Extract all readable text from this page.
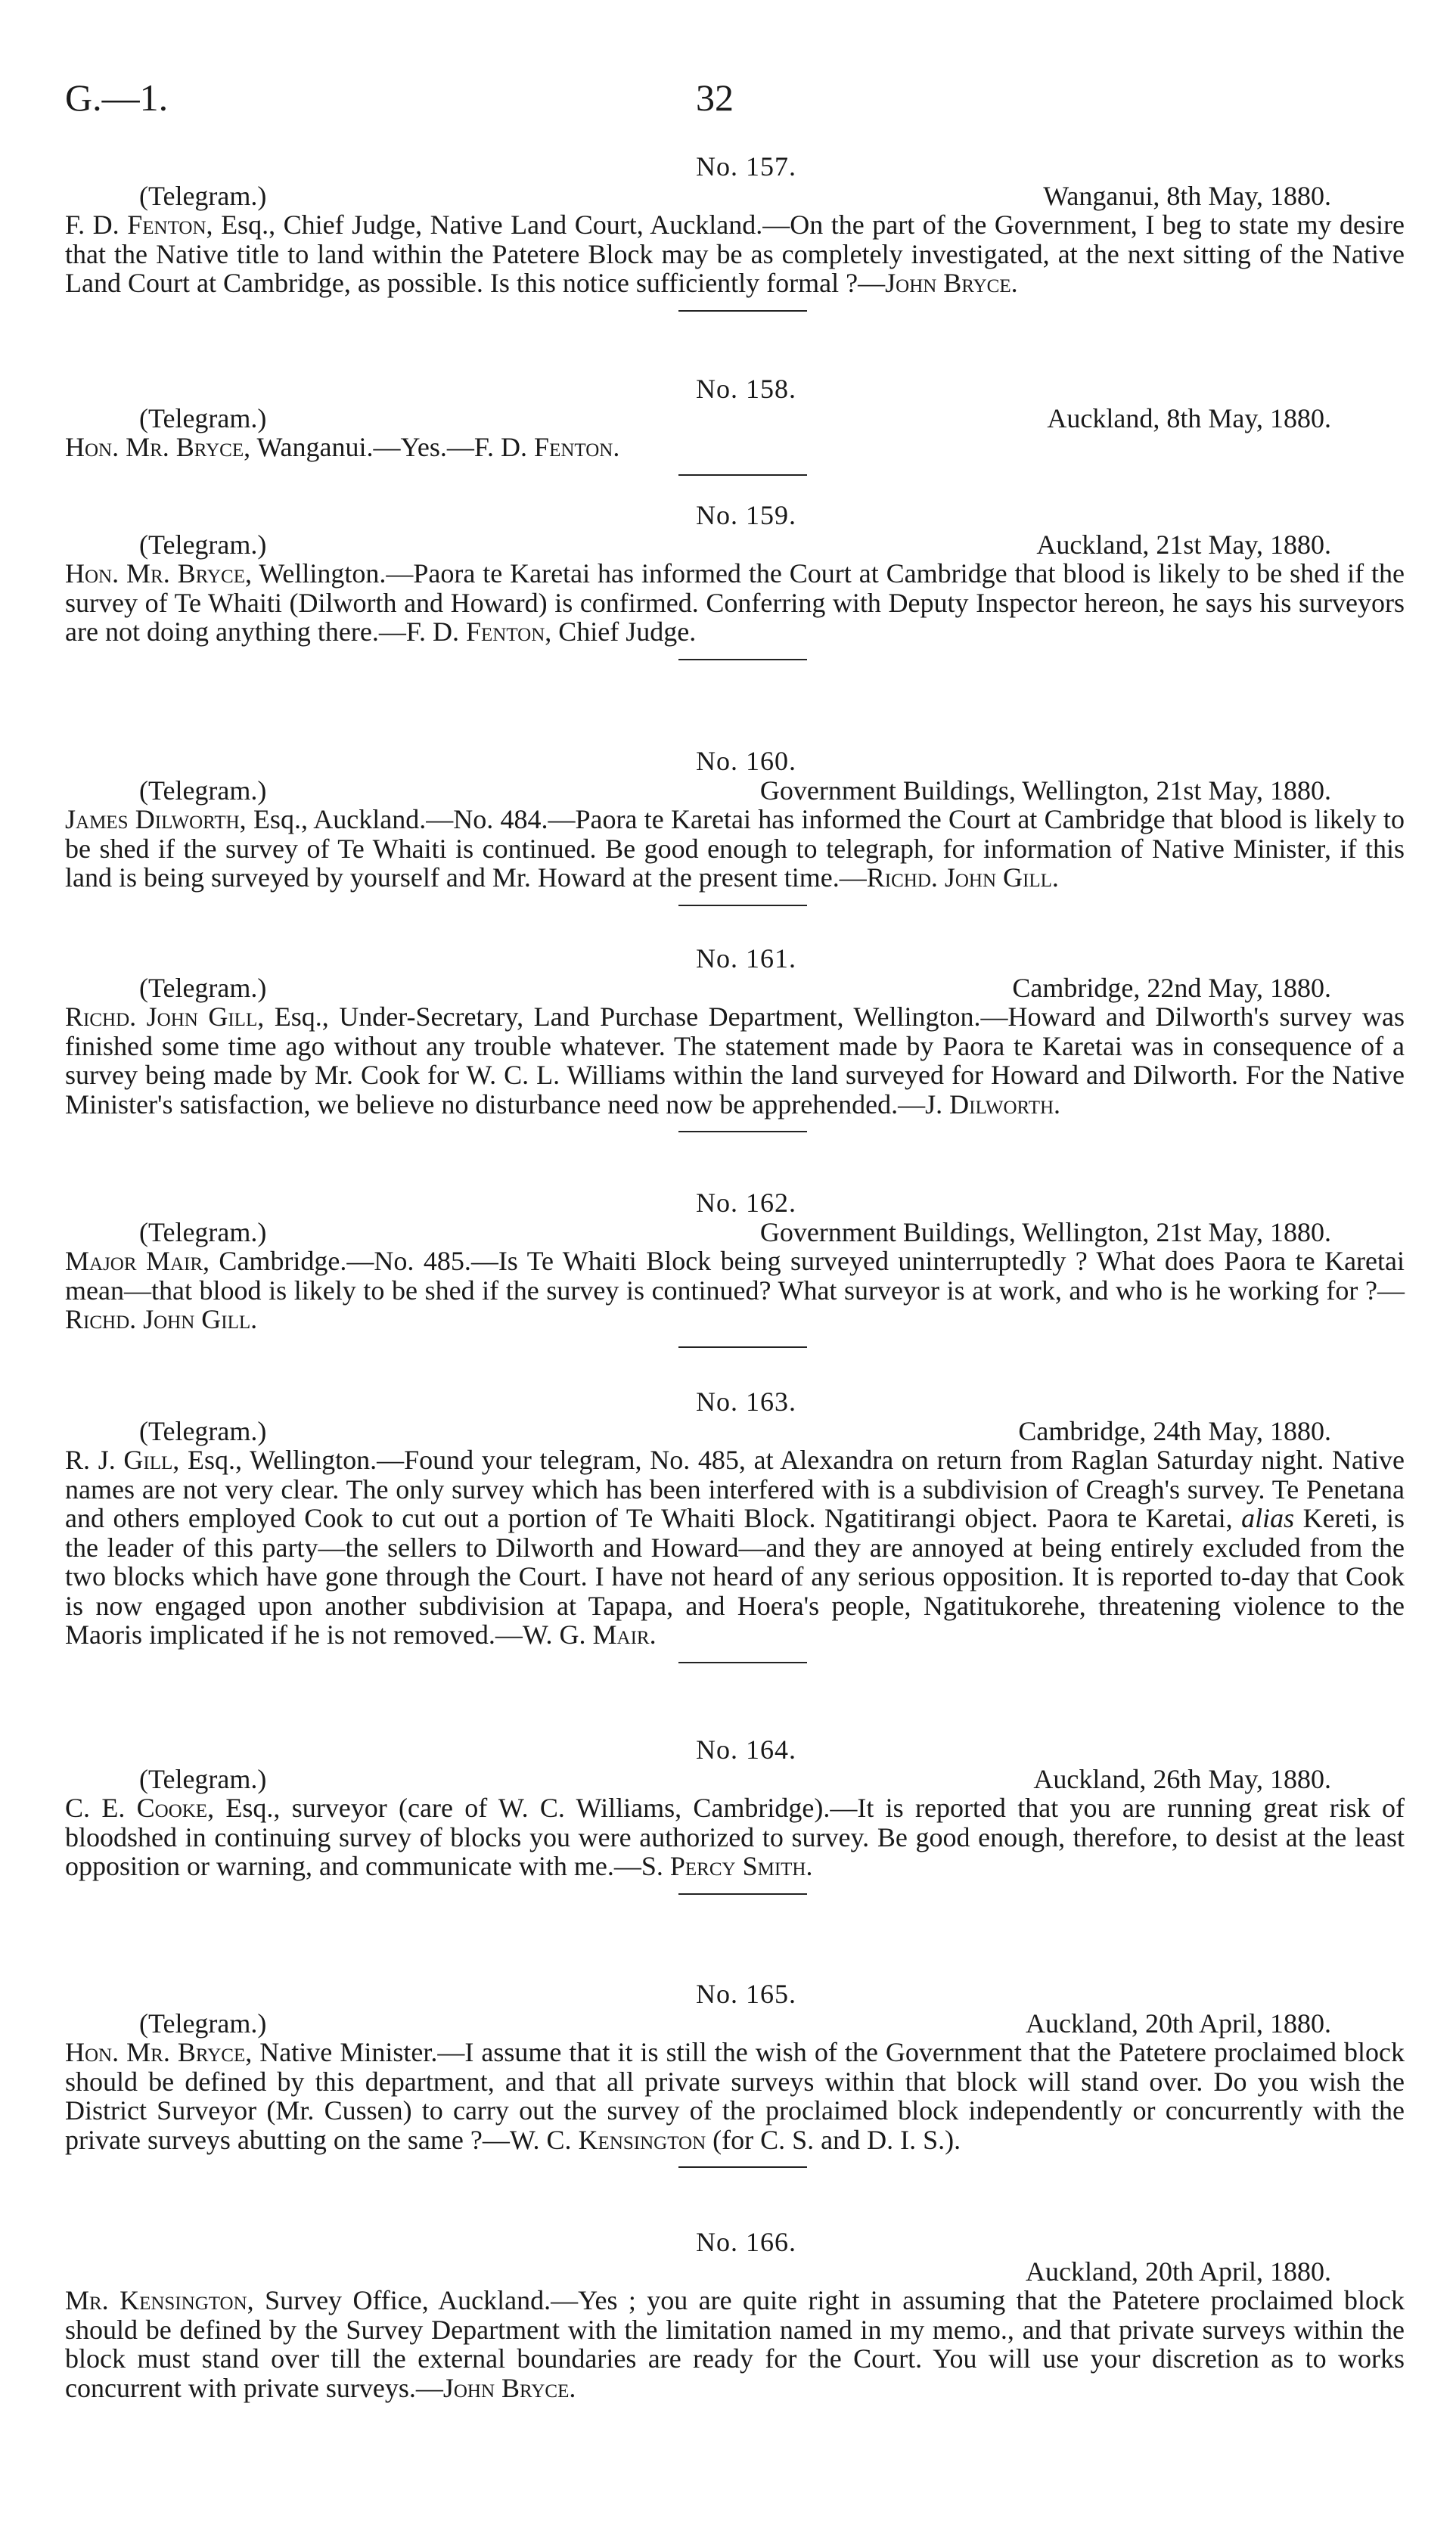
G.—1.	32
No. 157.
(Telegram.)	Wanganui, 8th May, 1880.
F. D. Fenton, Esq., Chief Judge, Native Land Court, Auckland.—On the part of the Government, I beg to state my desire that the Native title to land within the Patetere Block may be as completely investigated, at the next sitting of the Native Land Court at Cambridge, as possible. Is this notice sufficiently formal ?—John Bryce.
No. 158.
(Telegram.)	Auckland, 8th May, 1880.
Hon. Mr. Bryce, Wanganui.—Yes.—F. D. Fenton.
No. 159.
(Telegram.)	Auckland, 21st May, 1880.
Hon. Mr. Bryce, Wellington.—Paora te Karetai has informed the Court at Cambridge that blood is likely to be shed if the survey of Te Whaiti (Dilworth and Howard) is confirmed. Conferring with Deputy Inspector hereon, he says his surveyors are not doing anything there.—F. D. Fenton, Chief Judge.
No. 160.
(Telegram.)	Government Buildings, Wellington, 21st May, 1880.
James Dilworth, Esq., Auckland.—No. 484.—Paora te Karetai has informed the Court at Cambridge that blood is likely to be shed if the survey of Te Whaiti is continued. Be good enough to telegraph, for information of Native Minister, if this land is being surveyed by yourself and Mr. Howard at the present time.—Richd. John Gill.
No. 161.
(Telegram.)	Cambridge, 22nd May, 1880.
Richd. John Gill, Esq., Under-Secretary, Land Purchase Department, Wellington.—Howard and Dilworth's survey was finished some time ago without any trouble whatever. The statement made by Paora te Karetai was in consequence of a survey being made by Mr. Cook for W. C. L. Williams within the land surveyed for Howard and Dilworth. For the Native Minister's satisfaction, we believe no disturbance need now be apprehended.—J. Dilworth.
No. 162.
(Telegram.)	Government Buildings, Wellington, 21st May, 1880.
Major Mair, Cambridge.—No. 485.—Is Te Whaiti Block being surveyed uninterruptedly ? What does Paora te Karetai mean—that blood is likely to be shed if the survey is continued? What surveyor is at work, and who is he working for ?—Richd. John Gill.
No. 163.
(Telegram.)	Cambridge, 24th May, 1880.
R. J. Gill, Esq., Wellington.—Found your telegram, No. 485, at Alexandra on return from Raglan Saturday night. Native names are not very clear. The only survey which has been interfered with is a subdivision of Creagh's survey. Te Penetana and others employed Cook to cut out a portion of Te Whaiti Block. Ngatitirangi object. Paora te Karetai, alias Kereti, is the leader of this party—the sellers to Dilworth and Howard—and they are annoyed at being entirely excluded from the two blocks which have gone through the Court. I have not heard of any serious opposition. It is reported to-day that Cook is now engaged upon another subdivision at Tapapa, and Hoera's people, Ngatitukorehe, threatening violence to the Maoris implicated if he is not removed.—W. G. Mair.
No. 164.
(Telegram.)	Auckland, 26th May, 1880.
C. E. Cooke, Esq., surveyor (care of W. C. Williams, Cambridge).—It is reported that you are running great risk of bloodshed in continuing survey of blocks you were authorized to survey. Be good enough, therefore, to desist at the least opposition or warning, and communicate with me.—S. Percy Smith.
No. 165.
(Telegram.)	Auckland, 20th April, 1880.
Hon. Mr. Bryce, Native Minister.—I assume that it is still the wish of the Government that the Patetere proclaimed block should be defined by this department, and that all private surveys within that block will stand over. Do you wish the District Surveyor (Mr. Cussen) to carry out the survey of the proclaimed block independently or concurrently with the private surveys abutting on the same ?—W. C. Kensington (for C. S. and D. I. S.).
No. 166.
Auckland, 20th April, 1880.
Mr. Kensington, Survey Office, Auckland.—Yes ; you are quite right in assuming that the Patetere proclaimed block should be defined by the Survey Department with the limitation named in my memo., and that private surveys within the block must stand over till the external boundaries are ready for the Court. You will use your discretion as to works concurrent with private surveys.—John Bryce.
